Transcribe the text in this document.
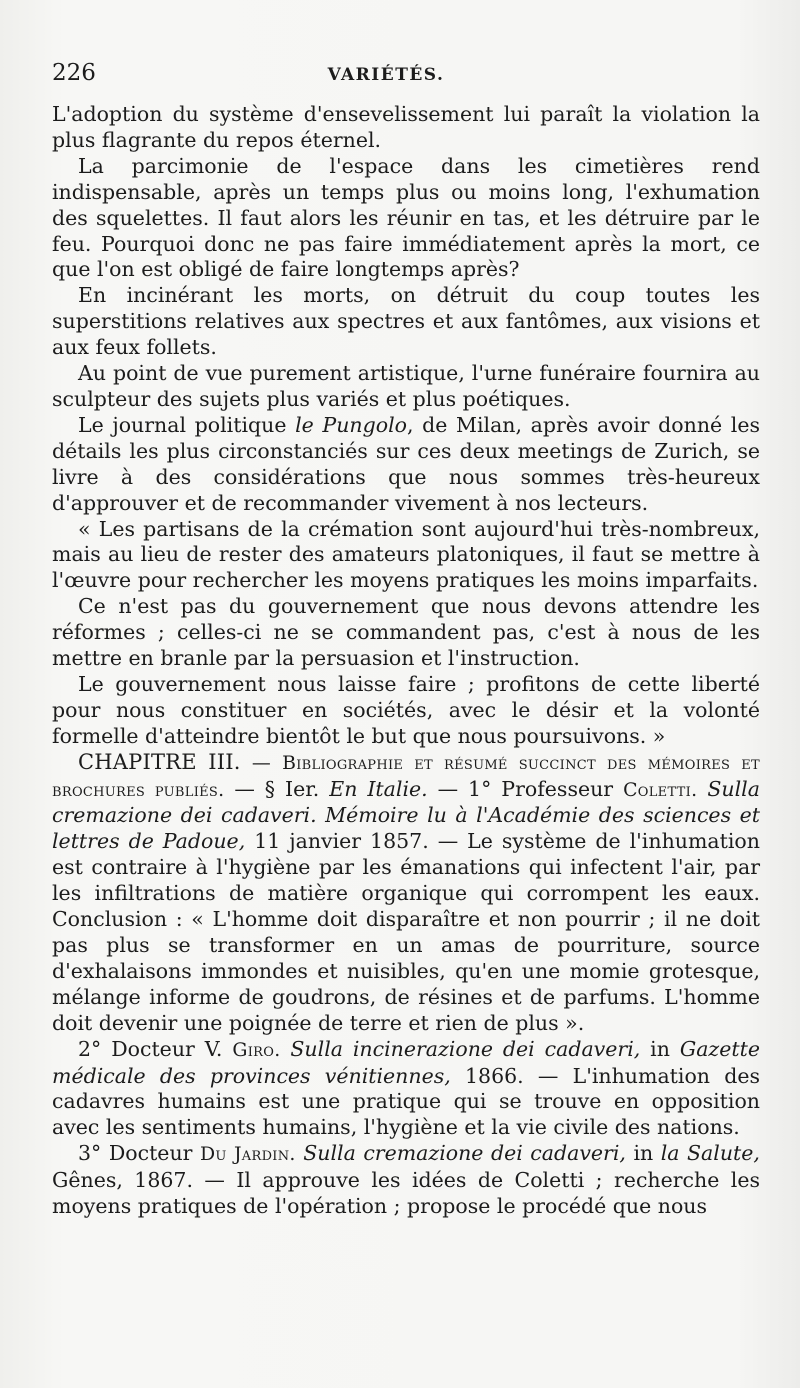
226	VARIÉTÉS.

L'adoption du système d'ensevelissement lui paraît la violation la plus flagrante du repos éternel.

La parcimonie de l'espace dans les cimetières rend indispensable, après un temps plus ou moins long, l'exhumation des squelettes. Il faut alors les réunir en tas, et les détruire par le feu. Pourquoi donc ne pas faire immédiatement après la mort, ce que l'on est obligé de faire longtemps après?

En incinérant les morts, on détruit du coup toutes les superstitions relatives aux spectres et aux fantômes, aux visions et aux feux follets.

Au point de vue purement artistique, l'urne funéraire fournira au sculpteur des sujets plus variés et plus poétiques.

Le journal politique le Pungolo, de Milan, après avoir donné les détails les plus circonstanciés sur ces deux meetings de Zurich, se livre à des considérations que nous sommes très-heureux d'approuver et de recommander vivement à nos lecteurs.

« Les partisans de la crémation sont aujourd'hui très-nombreux, mais au lieu de rester des amateurs platoniques, il faut se mettre à l'œuvre pour rechercher les moyens pratiques les moins imparfaits.

Ce n'est pas du gouvernement que nous devons attendre les réformes ; celles-ci ne se commandent pas, c'est à nous de les mettre en branle par la persuasion et l'instruction.

Le gouvernement nous laisse faire ; profitons de cette liberté pour nous constituer en sociétés, avec le désir et la volonté formelle d'atteindre bientôt le but que nous poursuivons. »

CHAPITRE III. — Bibliographie et résumé succinct des mémoires et brochures publiés. — § Ier. En Italie. — 1° Professeur Coletti. Sulla cremazione dei cadaveri. Mémoire lu à l'Académie des sciences et lettres de Padoue, 11 janvier 1857. — Le système de l'inhumation est contraire à l'hygiène par les émanations qui infectent l'air, par les infiltrations de matière organique qui corrompent les eaux. Conclusion : « L'homme doit disparaître et non pourrir ; il ne doit pas plus se transformer en un amas de pourriture, source d'exhalaisons immondes et nuisibles, qu'en une momie grotesque, mélange informe de goudrons, de résines et de parfums. L'homme doit devenir une poignée de terre et rien de plus ».

2° Docteur V. Giro. Sulla incinerazione dei cadaveri, in Gazette médicale des provinces vénitiennes, 1866. — L'inhumation des cadavres humains est une pratique qui se trouve en opposition avec les sentiments humains, l'hygiène et la vie civile des nations.

3° Docteur Du Jardin. Sulla cremazione dei cadaveri, in la Salute, Gênes, 1867. — Il approuve les idées de Coletti ; recherche les moyens pratiques de l'opération ; propose le procédé que nous
